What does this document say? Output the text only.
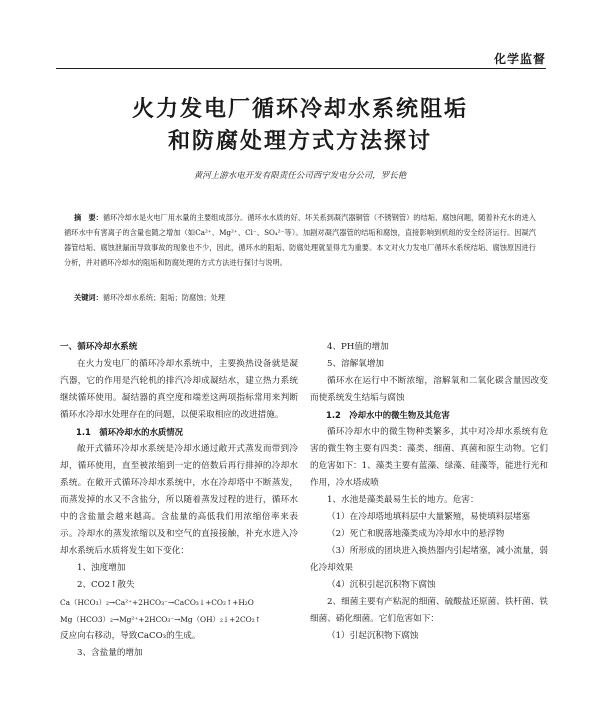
化学监督
火力发电厂循环冷却水系统阻垢
和防腐处理方式方法探讨
黄河上游水电开发有限责任公司西宁发电分公司，罗长艳
摘　要：循环冷却水是火电厂用水量的主要组成部分。循环水水质的好、坏关系到凝汽器铜管（不锈钢管）的结垢、腐蚀问题，随着补充水的进入循环水中有害离子的含量也随之增加（如Ca²⁺、Mg²⁺、Cl⁻、SO₄²⁻等）。加剧对凝汽器管的结垢和腐蚀，直接影响到机组的安全经济运行。因凝汽器管结垢、腐蚀泄漏而导致事故的现象也不少，因此，循环水的阻垢、防腐处理就显得尤为重要。本文对火力发电厂循环水系统结垢、腐蚀原因进行分析，并对循环冷却水的阻垢和防腐处理的方式方法进行探讨与说明。
关键词：循环冷却水系统；阻垢；防腐蚀；处理

一、循环冷却水系统

在火力发电厂的循环冷却水系统中，主要换热设备就是凝汽器，它的作用是汽轮机的排汽冷却成凝结水，建立热力系统继续循环使用。凝结器的真空度和端差这两项指标常用来判断循环水冷却水处理存在的问题，以便采取相应的改进措施。

1.1　循环冷却水的水质情况

敞开式循环冷却水系统是冷却水通过敞开式蒸发而带到冷却，循环使用，直至被浓缩到一定的倍数后再行排掉的冷却水系统。在敞开式循环冷却水系统中，水在冷却塔中不断蒸发，而蒸发掉的水又不含盐分，所以随着蒸发过程的进行，循环水中的含盐量会越来越高。含盐量的高低我们用浓缩倍率来表示。冷却水的蒸发浓缩以及和空气的直接接触，补充水进入冷却水系统后水质将发生如下变化：

1、浊度增加

2、CO2↑散失

Ca（HCO₃）₂→Ca²⁺+2HCO₃⁻→CaCO₃↓+CO₂↑+H₂O

Mg（HCO3）₂→Mg²⁺+2HCO₃⁻→Mg（OH）₂↓+2CO₂↑

反应向右移动，导致CaCO₃的生成。

3、含盐量的增加

4、PH值的增加

5、溶解氧增加

循环水在运行中不断浓缩，溶解氧和二氧化碳含量因改变而使系统发生结垢与腐蚀

1.2　冷却水中的微生物及其危害

循环冷却水中的微生物种类繁多，其中对冷却水系统有危害的微生物主要有四类：藻类、细菌、真菌和原生动物。它们的危害如下：1、藻类主要有蓝藻、绿藻、硅藻等，能进行光和作用，冷水塔成喷

1、水池是藻类最易生长的地方。危害：

（1）在冷却塔地填料层中大量繁殖，易使填料层堵塞

（2）死亡和脱落地藻类成为冷却水中的悬浮物

（3）所形成的团块进入换热器内引起堵塞，减小流量，弱化冷却效果

（4）沉积引起沉积物下腐蚀

2、细菌主要有产粘泥的细菌、硫酸盐还原菌、铁杆菌、铁细菌、硝化细菌。它们危害如下：

（1）引起沉积物下腐蚀
